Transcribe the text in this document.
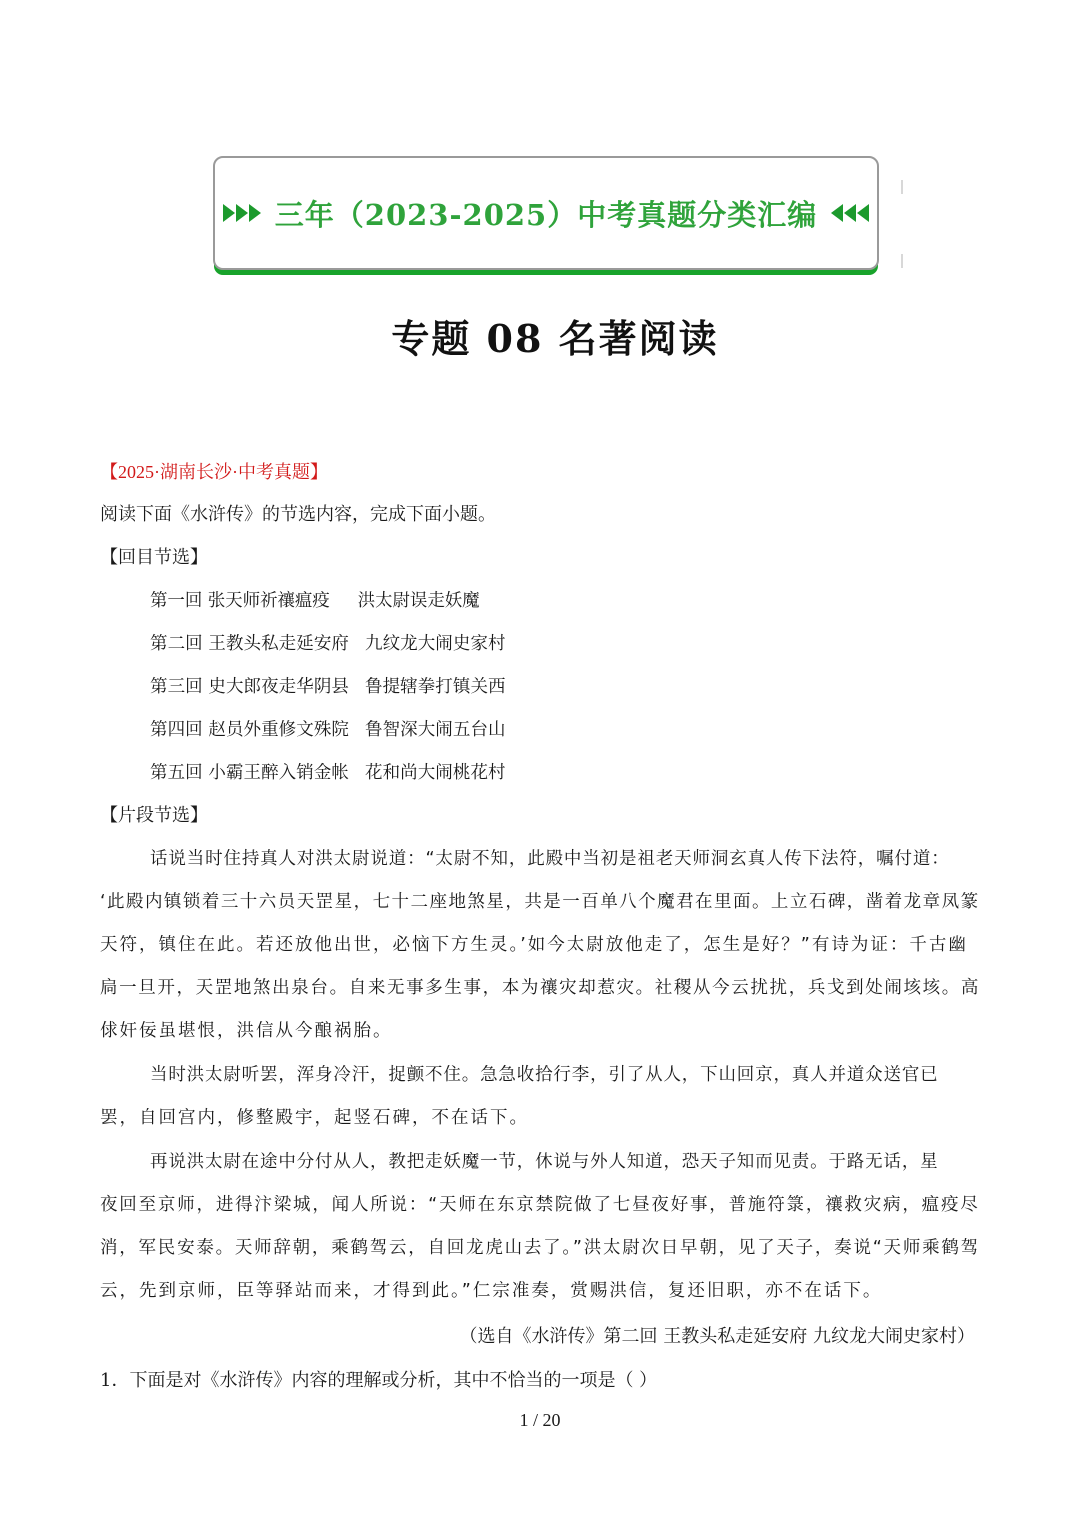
三年（2023-2025）中考真题分类汇编
专题 08 名著阅读
【2025·湖南长沙·中考真题】
阅读下面《水浒传》的节选内容，完成下面小题。
【回目节选】
第一回 张天师祈禳瘟疫 洪太尉误走妖魔
第二回 王教头私走延安府 九纹龙大闹史家村
第三回 史大郎夜走华阴县 鲁提辖拳打镇关西
第四回 赵员外重修文殊院 鲁智深大闹五台山
第五回 小霸王醉入销金帐 花和尚大闹桃花村
【片段节选】
话说当时住持真人对洪太尉说道：“太尉不知，此殿中当初是祖老天师洞玄真人传下法符，嘱付道：
‘此殿内镇锁着三十六员天罡星，七十二座地煞星，共是一百单八个魔君在里面。上立石碑，凿着龙章凤篆
天符，镇住在此。若还放他出世，必恼下方生灵。’如今太尉放他走了，怎生是好？”有诗为证：千古幽
扃一旦开，天罡地煞出泉台。自来无事多生事，本为禳灾却惹灾。社稷从今云扰扰，兵戈到处闹垓垓。高
俅奸佞虽堪恨，洪信从今酿祸胎。
当时洪太尉听罢，浑身冷汗，捉颤不住。急急收拾行李，引了从人，下山回京，真人并道众送官已
罢，自回宫内，修整殿宇，起竖石碑，不在话下。
再说洪太尉在途中分付从人，教把走妖魔一节，休说与外人知道，恐天子知而见责。于路无话，星
夜回至京师，进得汴梁城，闻人所说：“天师在东京禁院做了七昼夜好事，普施符箓，禳救灾病，瘟疫尽
消，军民安泰。天师辞朝，乘鹤驾云，自回龙虎山去了。”洪太尉次日早朝，见了天子，奏说“天师乘鹤驾
云，先到京师，臣等驿站而来，才得到此。”仁宗准奏，赏赐洪信，复还旧职，亦不在话下。
（选自《水浒传》第二回 王教头私走延安府 九纹龙大闹史家村）
1．下面是对《水浒传》内容的理解或分析，其中不恰当的一项是（ ）
1 / 20
